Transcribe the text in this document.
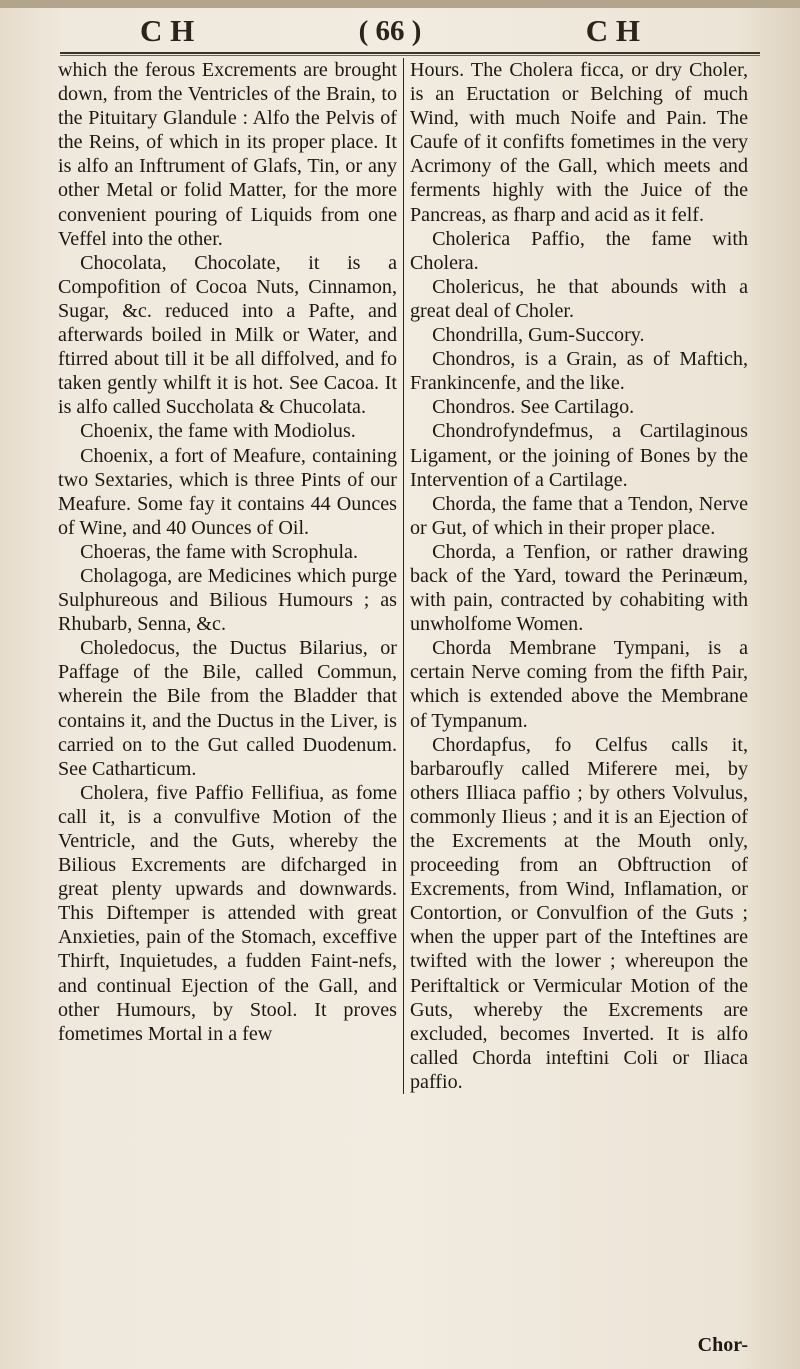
C H	( 66 )	C H

which the ferous Excrements are brought down, from the Ventricles of the Brain, to the Pituitary Glandule : Alfo the Pelvis of the Reins, of which in its proper place. It is alfo an Inftrument of Glafs, Tin, or any other Metal or folid Matter, for the more convenient pouring of Liquids from one Veffel into the other.

Chocolata, Chocolate, it is a Compofition of Cocoa Nuts, Cinnamon, Sugar, &c. reduced into a Pafte, and afterwards boiled in Milk or Water, and ftirred about till it be all diffolved, and fo taken gently whilft it is hot. See Cacoa. It is alfo called Succholata & Chucolata.

Choenix, the fame with Modiolus.

Choenix, a fort of Meafure, containing two Sextaries, which is three Pints of our Meafure. Some fay it contains 44 Ounces of Wine, and 40 Ounces of Oil.

Choeras, the fame with Scrophula.

Cholagoga, are Medicines which purge Sulphureous and Bilious Humours ; as Rhubarb, Senna, &c.

Choledocus, the Ductus Bilarius, or Paffage of the Bile, called Commun, wherein the Bile from the Bladder that contains it, and the Ductus in the Liver, is carried on to the Gut called Duodenum. See Catharticum.

Cholera, five Paffio Fellifiua, as fome call it, is a convulfive Motion of the Ventricle, and the Guts, whereby the Bilious Excrements are difcharged in great plenty upwards and downwards. This Diftemper is attended with great Anxieties, pain of the Stomach, exceffive Thirft, Inquietudes, a fudden Faint-nefs, and continual Ejection of the Gall, and other Humours, by Stool. It proves fometimes Mortal in a few

Hours. The Cholera ficca, or dry Choler, is an Eructation or Belching of much Wind, with much Noife and Pain. The Caufe of it confifts fometimes in the very Acrimony of the Gall, which meets and ferments highly with the Juice of the Pancreas, as fharp and acid as it felf.

Cholerica Paffio, the fame with Cholera.

Cholericus, he that abounds with a great deal of Choler.

Chondrilla, Gum-Succory.

Chondros, is a Grain, as of Maftich, Frankincenfe, and the like.

Chondros. See Cartilago.

Chondrofyndefmus, a Cartilaginous Ligament, or the joining of Bones by the Intervention of a Cartilage.

Chorda, the fame that a Tendon, Nerve or Gut, of which in their proper place.

Chorda, a Tenfion, or rather drawing back of the Yard, toward the Perinæum, with pain, contracted by cohabiting with unwholfome Women.

Chorda Membrane Tympani, is a certain Nerve coming from the fifth Pair, which is extended above the Membrane of Tympanum.

Chordapfus, fo Celfus calls it, barbaroufly called Miferere mei, by others Illiaca paffio ; by others Volvulus, commonly Ilieus ; and it is an Ejection of the Excrements at the Mouth only, proceeding from an Obftruction of Excrements, from Wind, Inflamation, or Contortion, or Convulfion of the Guts ; when the upper part of the Inteftines are twifted with the lower ; whereupon the Periftaltick or Vermicular Motion of the Guts, whereby the Excrements are excluded, becomes Inverted. It is alfo called Chorda inteftini Coli or Iliaca paffio.

Chor-
